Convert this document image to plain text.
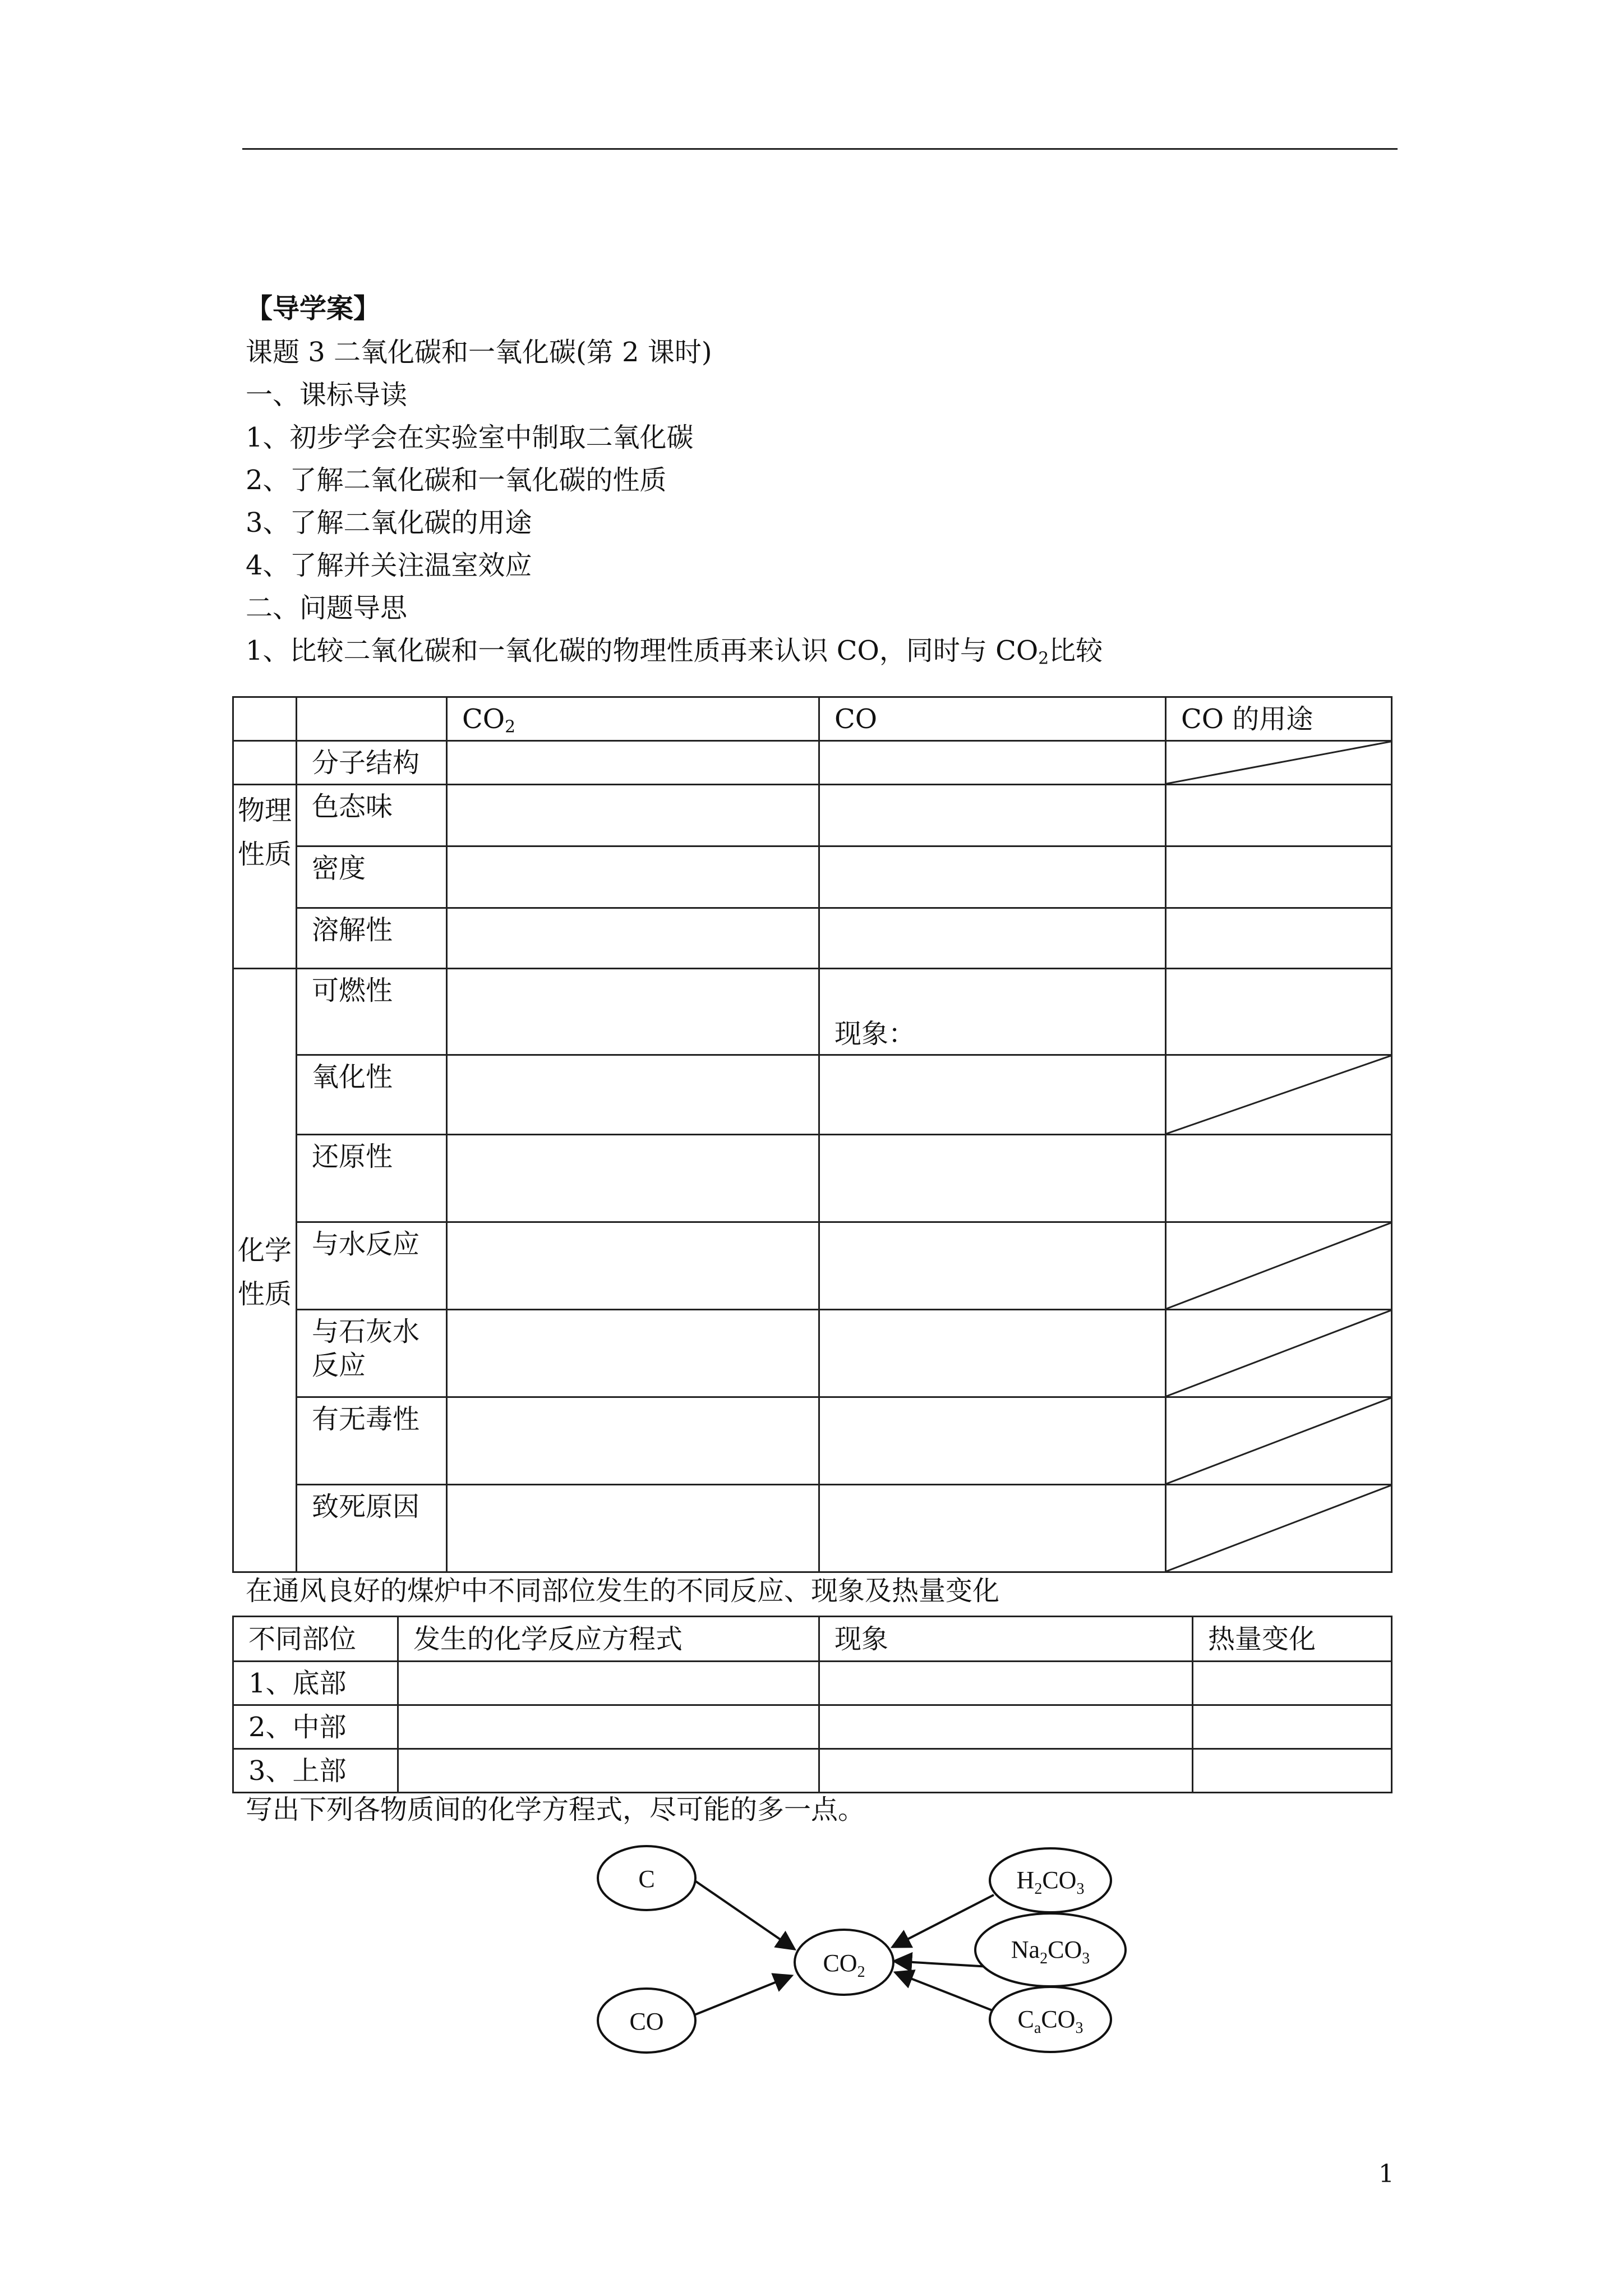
【导学案】
课题 3 二氧化碳和一氧化碳(第 2 课时)
一、课标导读
1、初步学会在实验室中制取二氧化碳
2、了解二氧化碳和一氧化碳的性质
3、了解二氧化碳的用途
4、了解并关注温室效应
二、问题导思
1、比较二氧化碳和一氧化碳的物理性质再来认识 CO，同时与 $CO_2$比较

		$CO_2$	CO	CO 的用途

	分子结构

物理性质	色态味			

	密度			

	溶解性			

化学性质	可燃性		现象：	

	氧化性

	还原性			

	与水反应

	与石灰水反应

	有无毒性

	致死原因

在通风良好的煤炉中不同部位发生的不同反应、现象及热量变化
不同部位	发生的化学反应方程式	现象	热量变化

1、底部			

2、中部			

3、上部			

写出下列各物质间的化学方程式，尽可能的多一点。
C
CO
$CO_2$
$H_2CO_3$
$Na_2CO_3$
$C_aCO_3$
1
